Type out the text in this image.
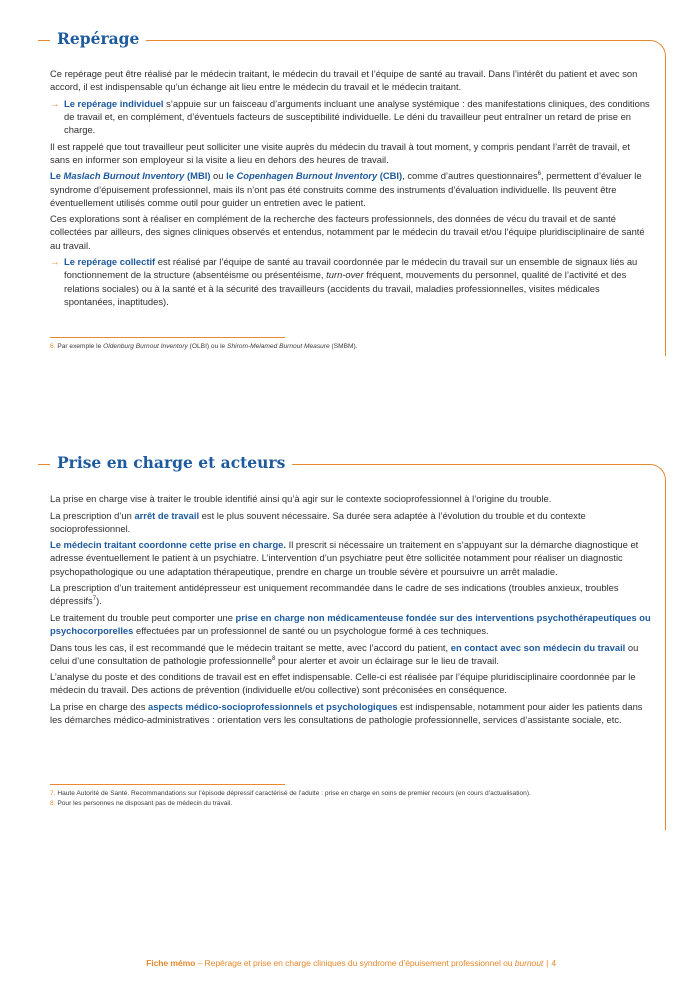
Repérage

Ce repérage peut être réalisé par le médecin traitant, le médecin du travail et l’équipe de santé au travail. Dans l’intérêt du patient et avec son accord, il est indispensable qu’un échange ait lieu entre le médecin du travail et le médecin traitant.

→ Le repérage individuel s’appuie sur un faisceau d’arguments incluant une analyse systémique : des manifestations cliniques, des conditions de travail et, en complément, d’éventuels facteurs de susceptibilité individuelle. Le déni du travailleur peut entraîner un retard de prise en charge.

Il est rappelé que tout travailleur peut solliciter une visite auprès du médecin du travail à tout moment, y compris pendant l’arrêt de travail, et sans en informer son employeur si la visite a lieu en dehors des heures de travail.

Le Maslach Burnout Inventory (MBI) ou le Copenhagen Burnout Inventory (CBI), comme d’autres questionnaires$^6$, permettent d’évaluer le syndrome d’épuisement professionnel, mais ils n’ont pas été construits comme des instruments d’évaluation individuelle. Ils peuvent être éventuellement utilisés comme outil pour guider un entretien avec le patient.

Ces explorations sont à réaliser en complément de la recherche des facteurs professionnels, des données de vécu du travail et de santé collectées par ailleurs, des signes cliniques observés et entendus, notamment par le médecin du travail et/ou l’équipe pluridisciplinaire de santé au travail.

→ Le repérage collectif est réalisé par l’équipe de santé au travail coordonnée par le médecin du travail sur un ensemble de signaux liés au fonctionnement de la structure (absentéisme ou présentéisme, turn-over fréquent, mouvements du personnel, qualité de l’activité et des relations sociales) ou à la santé et à la sécurité des travailleurs (accidents du travail, maladies professionnelles, visites médicales spontanées, inaptitudes).

6. Par exemple le Oldenburg Burnout Inventory (OLBI) ou le Shirom-Melamed Burnout Measure (SMBM).
Prise en charge et acteurs

La prise en charge vise à traiter le trouble identifié ainsi qu’à agir sur le contexte socioprofessionnel à l’origine du trouble.

La prescription d’un arrêt de travail est le plus souvent nécessaire. Sa durée sera adaptée à l’évolution du trouble et du contexte socioprofessionnel.

Le médecin traitant coordonne cette prise en charge. Il prescrit si nécessaire un traitement en s’appuyant sur la démarche diagnostique et adresse éventuellement le patient à un psychiatre. L’intervention d’un psychiatre peut être sollicitée notamment pour réaliser un diagnostic psychopathologique ou une adaptation thérapeutique, prendre en charge un trouble sévère et poursuivre un arrêt maladie.

La prescription d’un traitement antidépresseur est uniquement recommandée dans le cadre de ses indications (troubles anxieux, troubles dépressifs$^7$).

Le traitement du trouble peut comporter une prise en charge non médicamenteuse fondée sur des interventions psychothérapeutiques ou psychocorporelles effectuées par un professionnel de santé ou un psychologue formé à ces techniques.

Dans tous les cas, il est recommandé que le médecin traitant se mette, avec l’accord du patient, en contact avec son médecin du travail ou celui d’une consultation de pathologie professionnelle$^8$ pour alerter et avoir un éclairage sur le lieu de travail.

L’analyse du poste et des conditions de travail est en effet indispensable. Celle-ci est réalisée par l’équipe pluridisciplinaire coordonnée par le médecin du travail. Des actions de prévention (individuelle et/ou collective) sont préconisées en conséquence.

La prise en charge des aspects médico-socioprofessionnels et psychologiques est indispensable, notamment pour aider les patients dans les démarches médico-administratives : orientation vers les consultations de pathologie professionnelle, services d’assistante sociale, etc.

7. Haute Autorité de Santé. Recommandations sur l’épisode dépressif caractérisé de l’adulte : prise en charge en soins de premier recours (en cours d’actualisation).
8. Pour les personnes ne disposant pas de médecin du travail.
Fiche mémo – Repérage et prise en charge cliniques du syndrome d’épuisement professionnel ou burnout | 4
